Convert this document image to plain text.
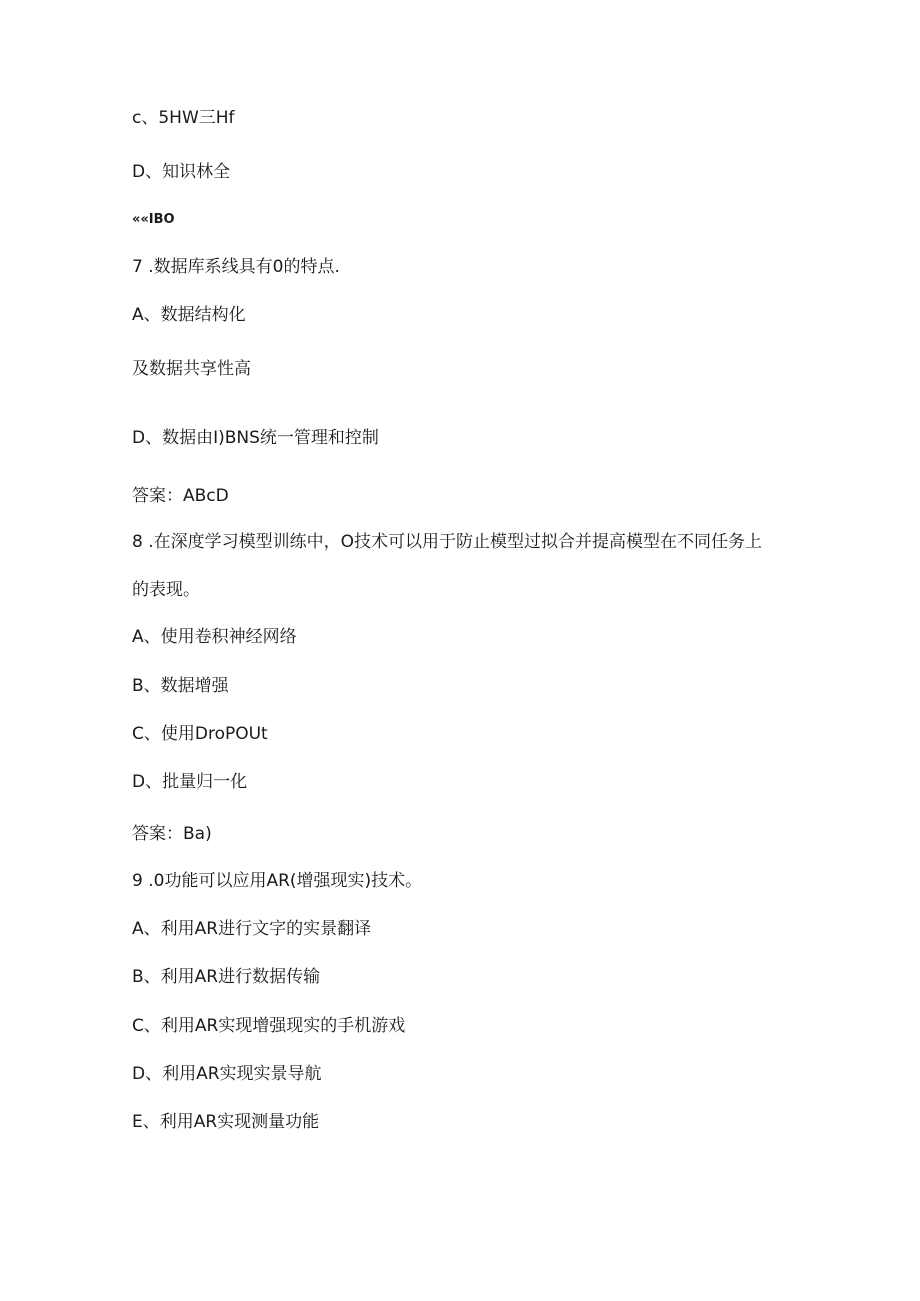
c、5HW三Hf
D、知识林全
««IBO
7 .数据库系线具有0的特点.
A、数据结构化
及数据共享性高
D、数据由I)BNS统一管理和控制
答案：ABcD
8 .在深度学习模型训练中，O技术可以用于防止模型过拟合并提高模型在不同任务上
的表现。
A、使用卷积神经网络
B、数据增强
C、使用DroPOUt
D、批量归一化
答案：Ba)
9 .0功能可以应用AR(增强现实)技术。
A、利用AR进行文字的实景翻译
B、利用AR进行数据传输
C、利用AR实现增强现实的手机游戏
D、利用AR实现实景导航
E、利用AR实现测量功能
